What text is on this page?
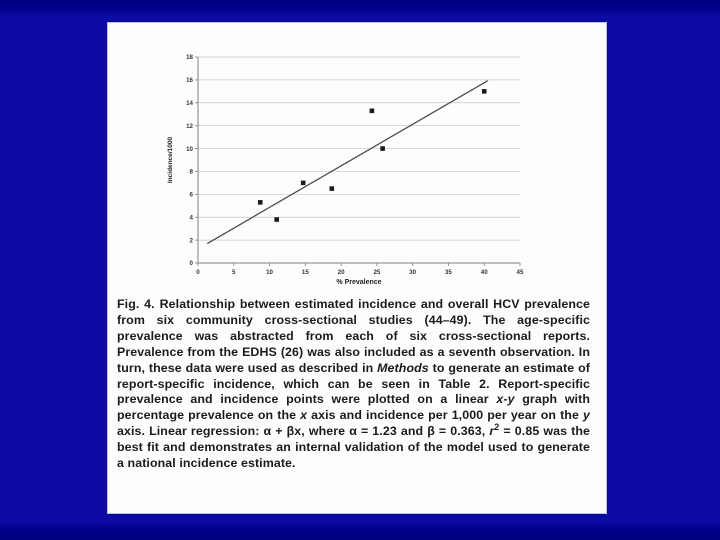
0
2
4
6
8
10
12
14
16
18
0	5	10	15	20	25	30	35	40	45
% Prevalence
Incidence/1000

Fig. 4. Relationship between estimated incidence and overall HCV prevalence from six community cross-sectional studies (44–49). The age-specific prevalence was abstracted from each of six cross-sectional reports. Prevalence from the EDHS (26) was also included as a seventh observation. In turn, these data were used as described in Methods to generate an estimate of report-specific incidence, which can be seen in Table 2. Report-specific prevalence and incidence points were plotted on a linear x-y graph with percentage prevalence on the x axis and incidence per 1,000 per year on the y axis. Linear regression: α + βx, where α = 1.23 and β = 0.363, $r^2 = 0.85$ was the best fit and demonstrates an internal validation of the model used to generate a national incidence estimate.
